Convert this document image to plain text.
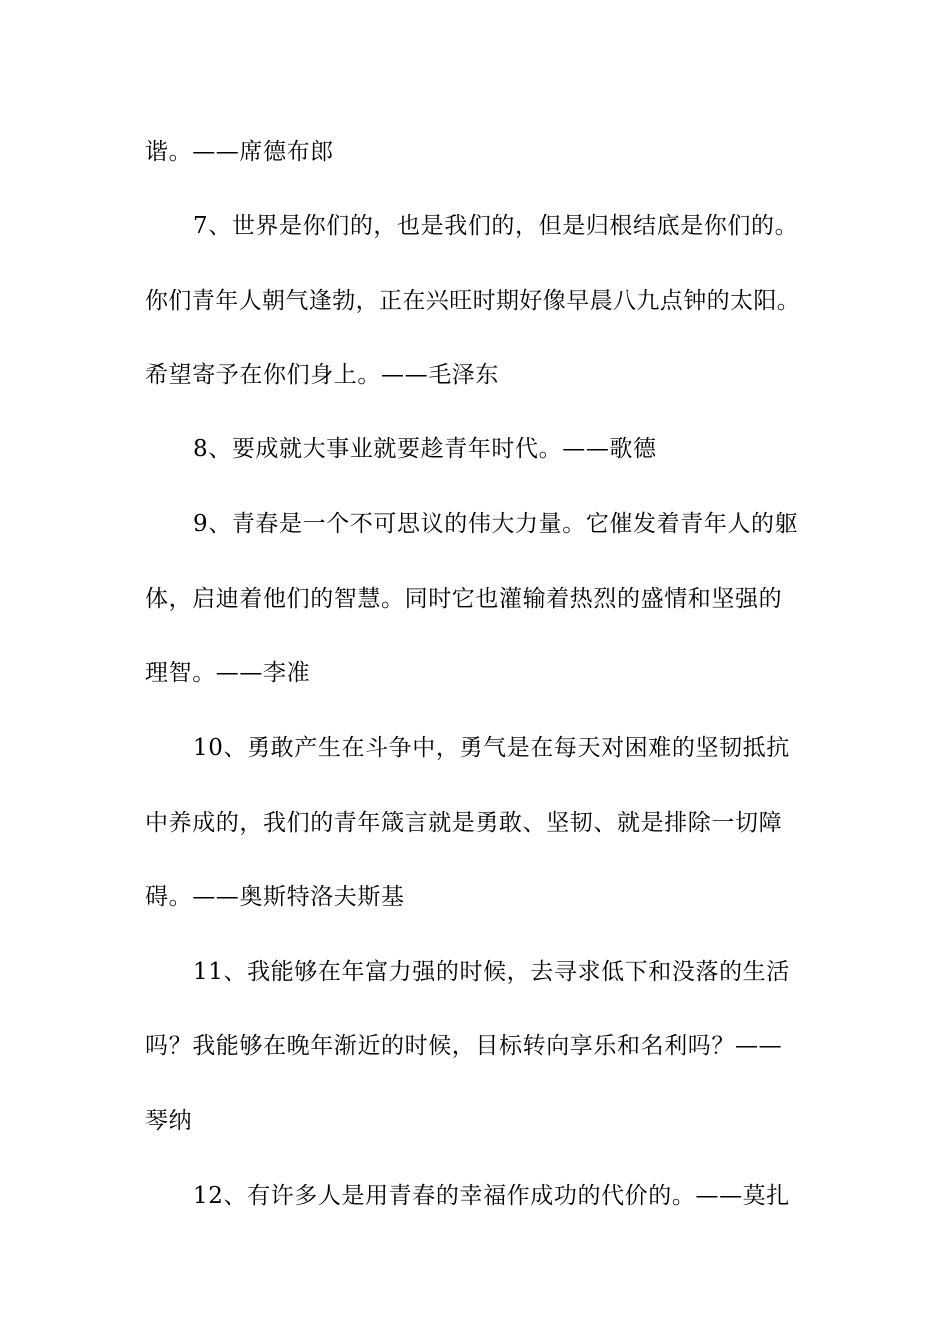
谐。——席德布郎
7、世界是你们的，也是我们的，但是归根结底是你们的。
你们青年人朝气逢勃，正在兴旺时期好像早晨八九点钟的太阳。
希望寄予在你们身上。——毛泽东
8、要成就大事业就要趁青年时代。——歌德
9、青春是一个不可思议的伟大力量。它催发着青年人的躯
体，启迪着他们的智慧。同时它也灌输着热烈的盛情和坚强的
理智。——李准
10、勇敢产生在斗争中，勇气是在每天对困难的坚韧抵抗
中养成的，我们的青年箴言就是勇敢、坚韧、就是排除一切障
碍。——奥斯特洛夫斯基
11、我能够在年富力强的时候，去寻求低下和没落的生活
吗？我能够在晚年渐近的时候，目标转向享乐和名利吗？——
琴纳
12、有许多人是用青春的幸福作成功的代价的。——莫扎
